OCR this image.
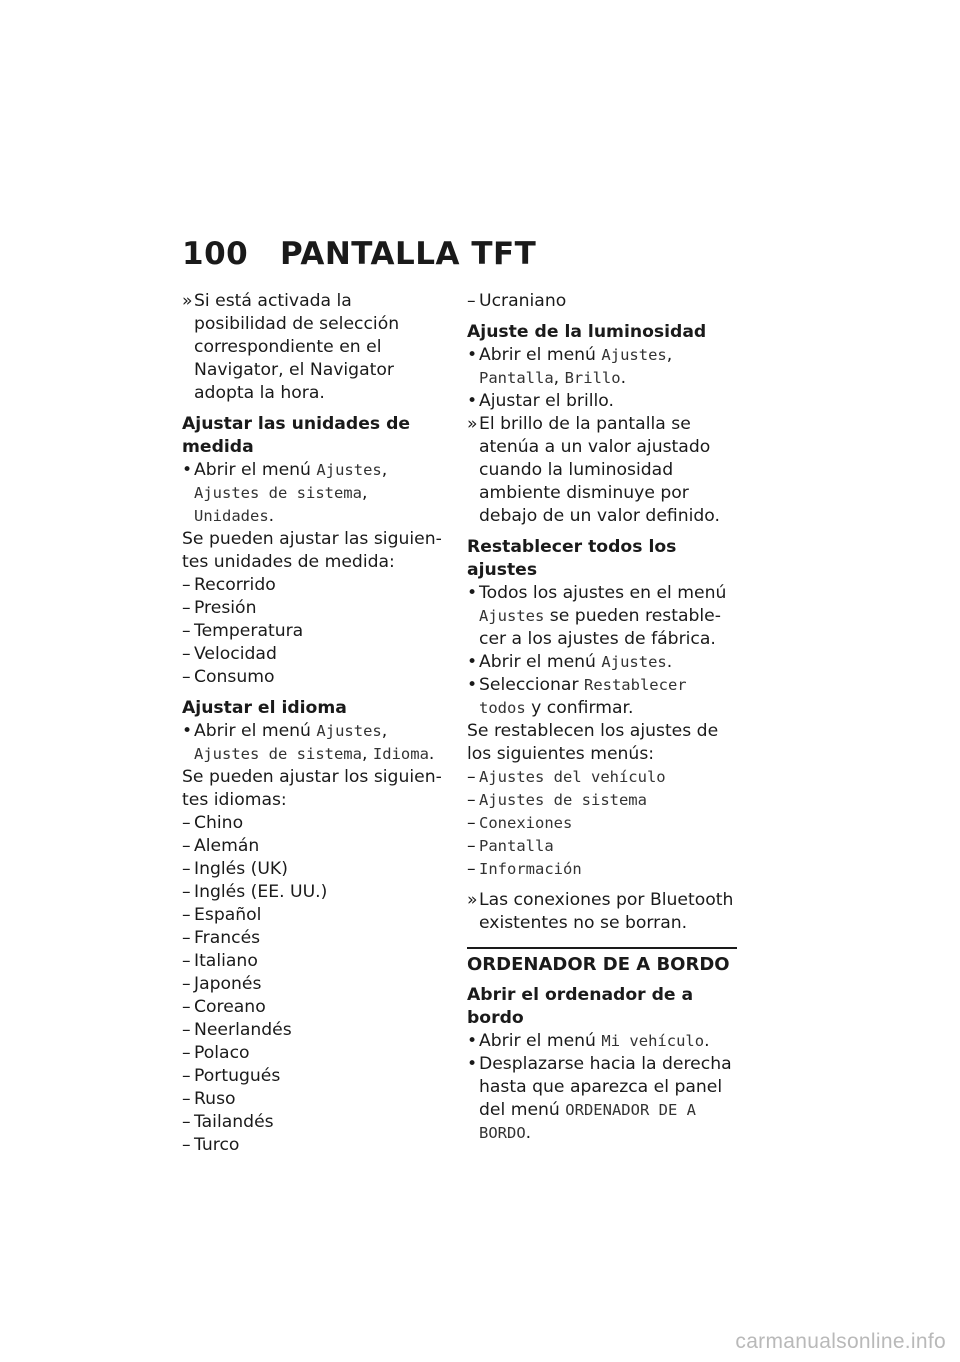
100 PANTALLA TFT

» Si está activada la posibilidad de selección correspondiente en el Navigator, el Navigator adopta la hora.

Ajustar las unidades de medida

• Abrir el menú Ajustes, Ajustes de sistema, Unidades.

Se pueden ajustar las siguien-tes unidades de medida:

– Recorrido

– Presión

– Temperatura

– Velocidad

– Consumo

Ajustar el idioma

• Abrir el menú Ajustes, Ajustes de sistema, Idioma.

Se pueden ajustar los siguien-tes idiomas:

– Chino

– Alemán

– Inglés (UK)

– Inglés (EE. UU.)

– Español

– Francés

– Italiano

– Japonés

– Coreano

– Neerlandés

– Polaco

– Portugués

– Ruso

– Tailandés

– Turco

– Ucraniano

Ajuste de la luminosidad

• Abrir el menú Ajustes, Pantalla, Brillo.

• Ajustar el brillo.

» El brillo de la pantalla se atenúa a un valor ajustado cuando la luminosidad ambiente disminuye por debajo de un valor definido.

Restablecer todos los ajustes

• Todos los ajustes en el menú Ajustes se pueden restable-cer a los ajustes de fábrica.

• Abrir el menú Ajustes.

• Seleccionar Restablecer todos y confirmar.

Se restablecen los ajustes de los siguientes menús:

– Ajustes del vehículo

– Ajustes de sistema

– Conexiones

– Pantalla

– Información

» Las conexiones por Bluetooth existentes no se borran.

ORDENADOR DE A BORDO

Abrir el ordenador de a bordo

• Abrir el menú Mi vehículo.

• Desplazarse hacia la derecha hasta que aparezca el panel del menú ORDENADOR DE A BORDO.

carmanualsonline.info
